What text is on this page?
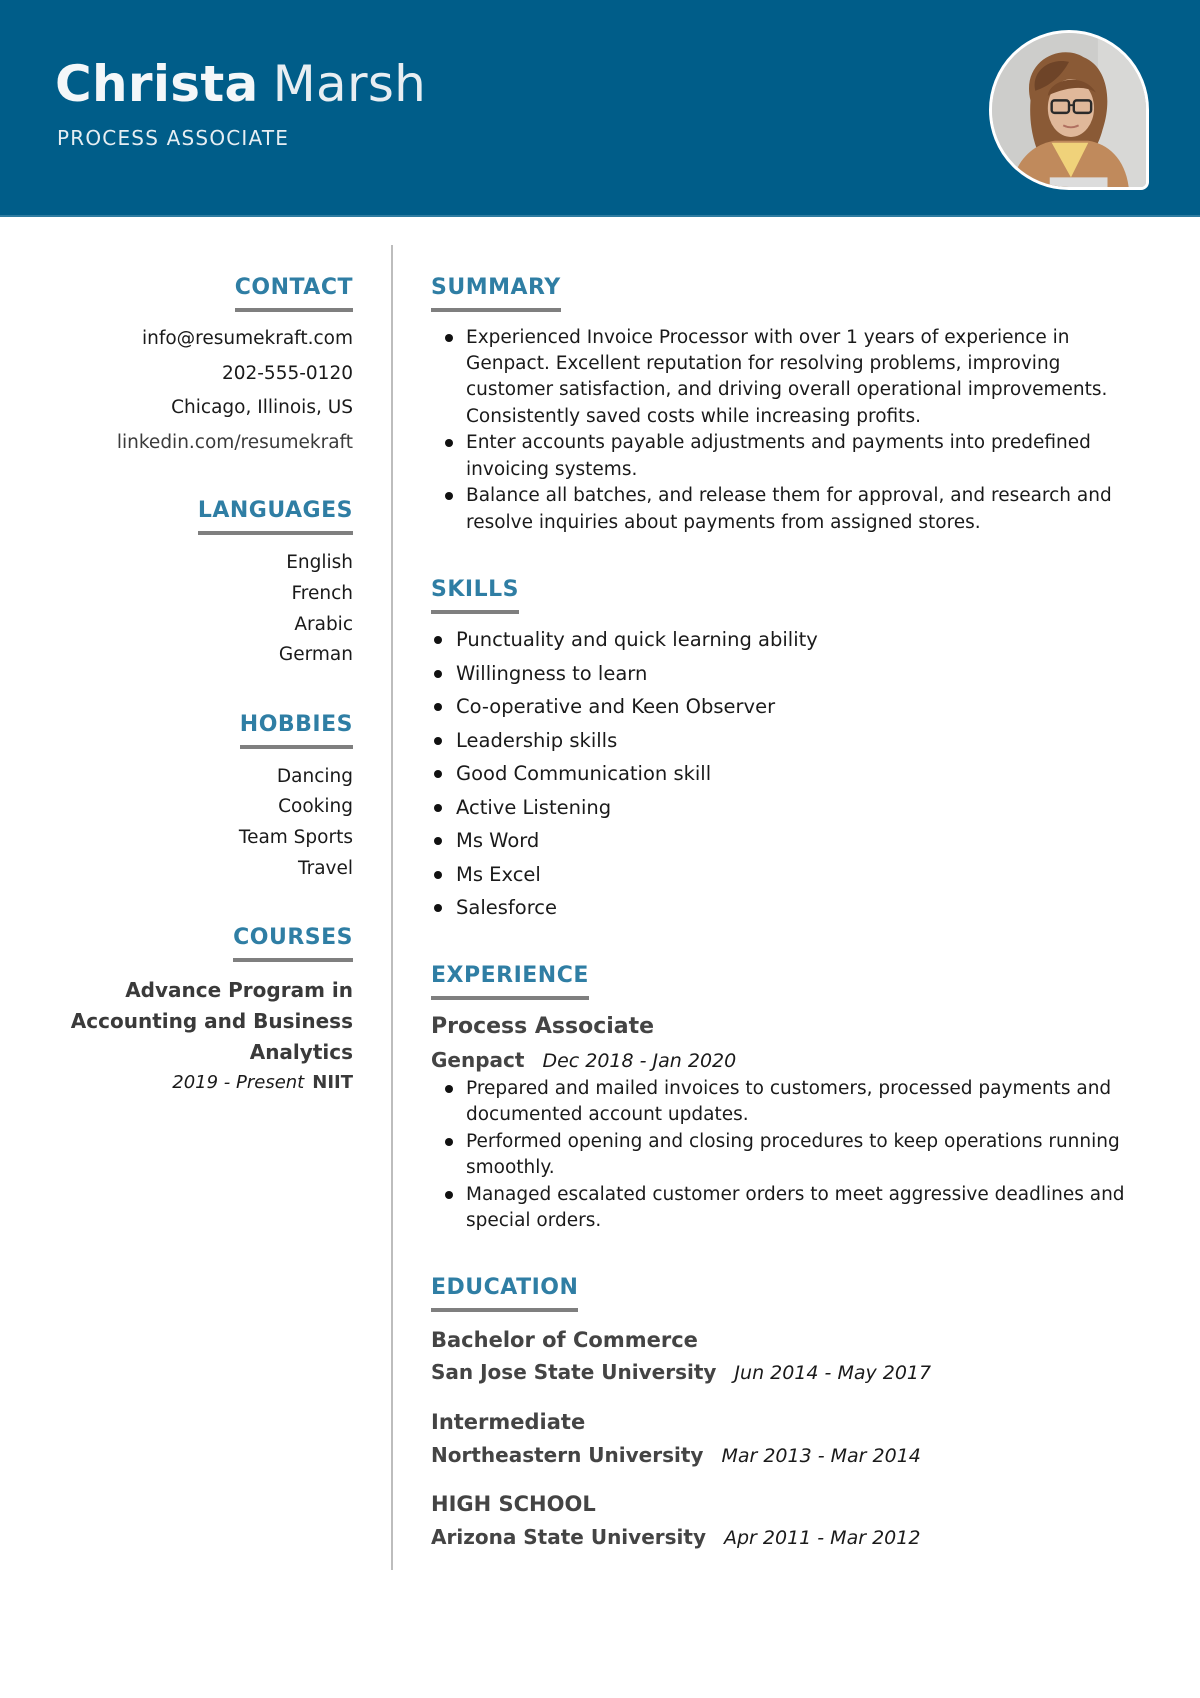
Christa Marsh
PROCESS ASSOCIATE
CONTACT
info@resumekraft.com
202-555-0120
Chicago, Illinois, US
linkedin.com/resumekraft
LANGUAGES
English
French
Arabic
German
HOBBIES
Dancing
Cooking
Team Sports
Travel
COURSES
Advance Program in
Accounting and Business
Analytics
2019 - Present NIIT
SUMMARY
Experienced Invoice Processor with over 1 years of experience in
Genpact. Excellent reputation for resolving problems, improving
customer satisfaction, and driving overall operational improvements.
Consistently saved costs while increasing profits.
Enter accounts payable adjustments and payments into predefined
invoicing systems.
Balance all batches, and release them for approval, and research and
resolve inquiries about payments from assigned stores.
SKILLS
Punctuality and quick learning ability
Willingness to learn
Co-operative and Keen Observer
Leadership skills
Good Communication skill
Active Listening
Ms Word
Ms Excel
Salesforce
EXPERIENCE
Process Associate
Genpact Dec 2018 - Jan 2020
Prepared and mailed invoices to customers, processed payments and
documented account updates.
Performed opening and closing procedures to keep operations running
smoothly.
Managed escalated customer orders to meet aggressive deadlines and
special orders.
EDUCATION
Bachelor of Commerce
San Jose State University Jun 2014 - May 2017
Intermediate
Northeastern University Mar 2013 - Mar 2014
HIGH SCHOOL
Arizona State University Apr 2011 - Mar 2012
